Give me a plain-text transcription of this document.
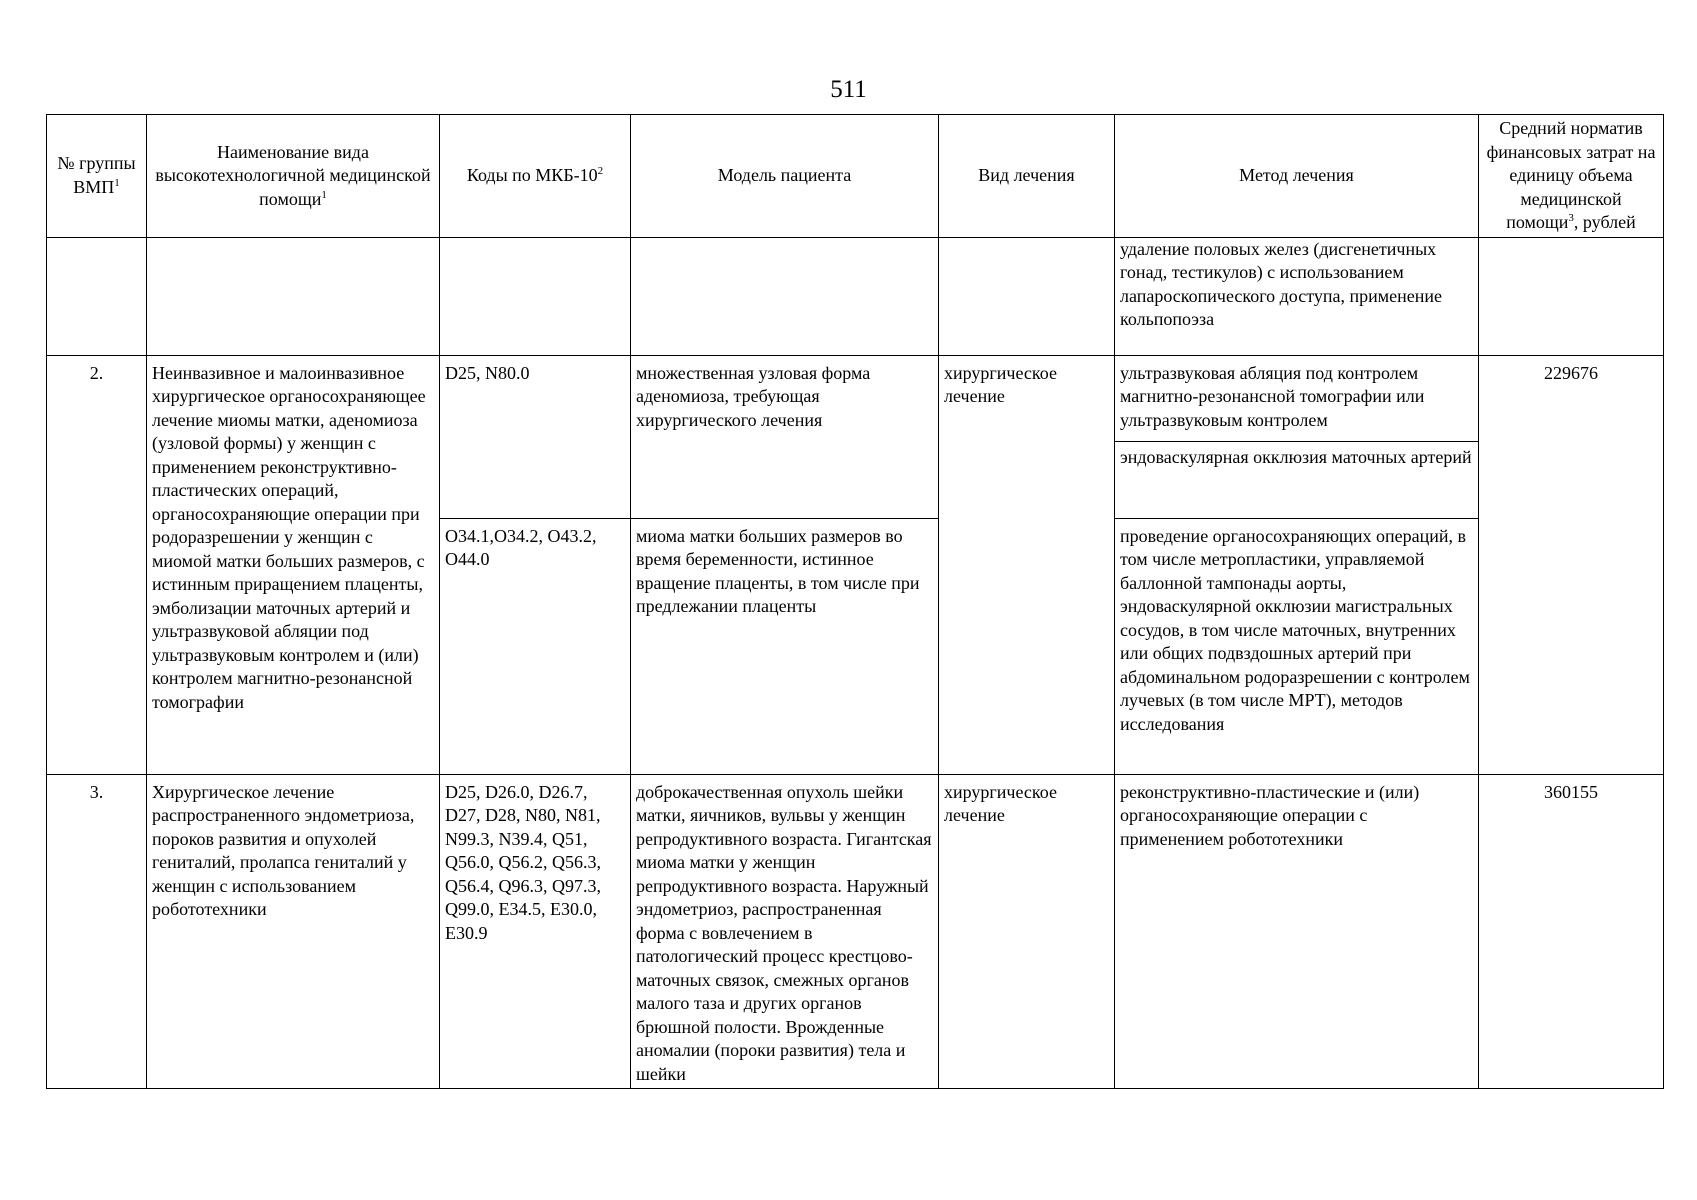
511
№ группы ВМП$^1$	Наименование вида высокотехнологичной медицинской помощи$^1$	Коды по МКБ-$10^2$	Модель пациента	Вид лечения	Метод лечения	Средний норматив финансовых затрат на единицу объема медицинской помощи$^3$, рублей
					удаление половых желез (дисгенетичных гонад, тестикулов) с использованием лапароскопического доступа, применение кольпопоэза	
2.	Неинвазивное и малоинвазивное хирургическое органосохраняющее лечение миомы матки, аденомиоза (узловой формы) у женщин с применением реконструктивно-пластических операций, органосохраняющие операции при родоразрешении у женщин с миомой матки больших размеров, с истинным приращением плаценты, эмболизации маточных артерий и ультразвуковой абляции под ультразвуковым контролем и (или) контролем магнитно-резонансной томографии	D25, N80.0	множественная узловая форма аденомиоза, требующая хирургического лечения	хирургическое лечение	ультразвуковая абляция под контролем магнитно-резонансной томографии или ультразвуковым контролем
эндоваскулярная окклюзия маточных артерий	229676
		O34.1,O34.2, O43.2, O44.0	миома матки больших размеров во время беременности, истинное вращение плаценты, в том числе при предлежании плаценты		проведение органосохраняющих операций, в том числе метропластики, управляемой баллонной тампонады аорты, эндоваскулярной окклюзии магистральных сосудов, в том числе маточных, внутренних или общих подвздошных артерий при абдоминальном родоразрешении с контролем лучевых (в том числе МРТ), методов исследования	
3.	Хирургическое лечение распространенного эндометриоза, пороков развития и опухолей гениталий, пролапса гениталий у женщин с использованием робототехники	D25, D26.0, D26.7, D27, D28, N80, N81, N99.3, N39.4, Q51, Q56.0, Q56.2, Q56.3, Q56.4, Q96.3, Q97.3, Q99.0, E34.5, E30.0, E30.9	доброкачественная опухоль шейки матки, яичников, вульвы у женщин репродуктивного возраста. Гигантская миома матки у женщин репродуктивного возраста. Наружный эндометриоз, распространенная форма с вовлечением в патологический процесс крестцово-маточных связок, смежных органов малого таза и других органов брюшной полости. Врожденные аномалии (пороки развития) тела и шейки	хирургическое лечение	реконструктивно-пластические и (или) органосохраняющие операции с применением робототехники	360155
